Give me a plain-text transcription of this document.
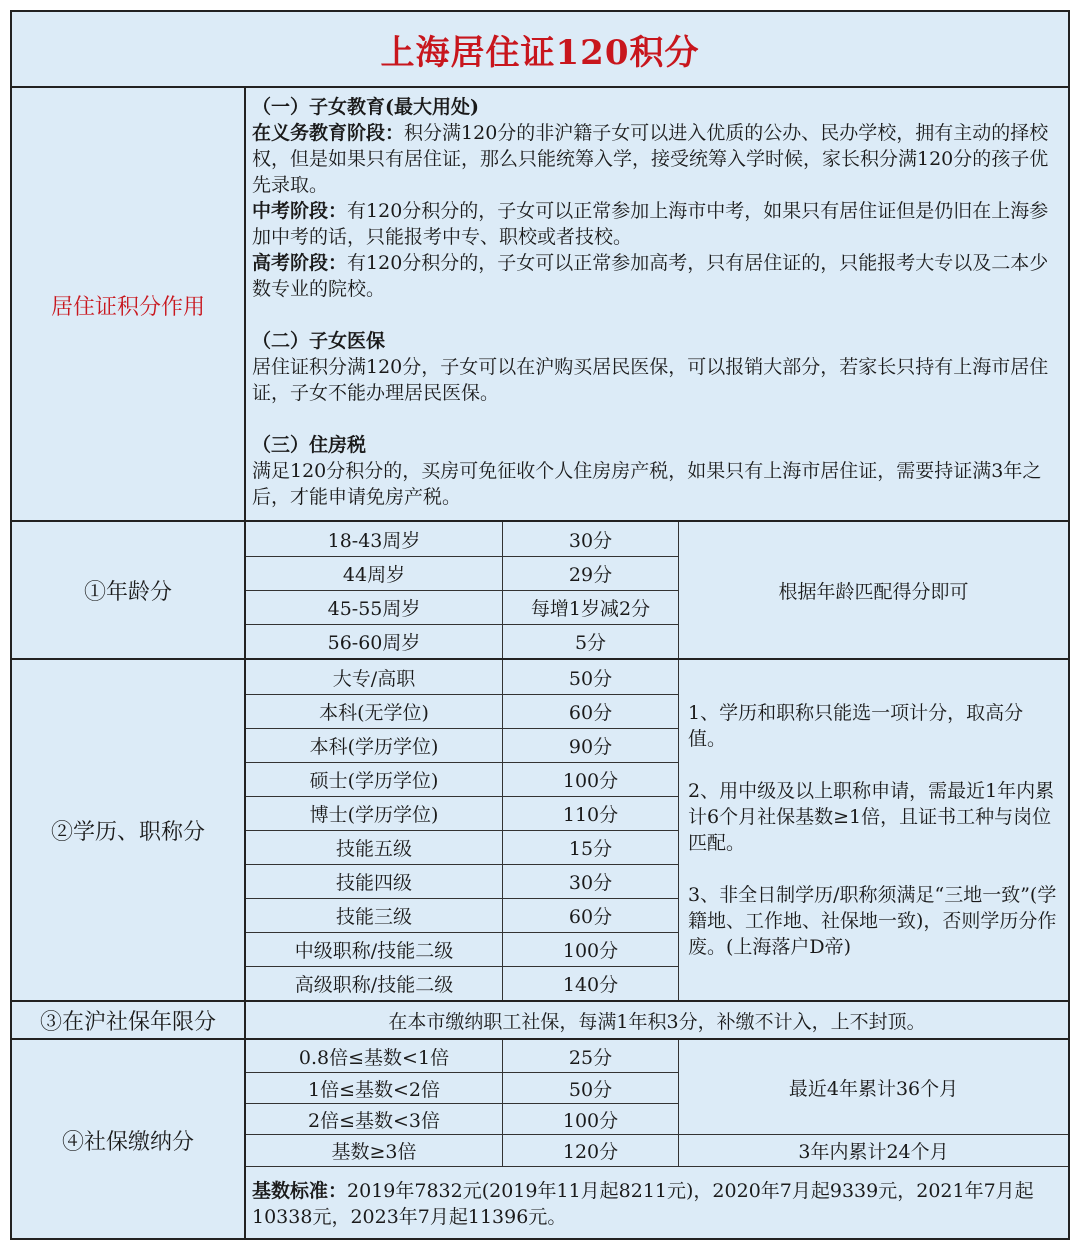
上海居住证120积分
居住证积分作用
（一）子女教育(最大用处)
在义务教育阶段：积分满120分的非沪籍子女可以进入优质的公办、民办学校，拥有主动的择校权，但是如果只有居住证，那么只能统筹入学，接受统筹入学时候，家长积分满120分的孩子优先录取。
中考阶段：有120分积分的，子女可以正常参加上海市中考，如果只有居住证但是仍旧在上海参加中考的话，只能报考中专、职校或者技校。
高考阶段：有120分积分的，子女可以正常参加高考，只有居住证的，只能报考大专以及二本少数专业的院校。
（二）子女医保
居住证积分满120分，子女可以在沪购买居民医保，可以报销大部分，若家长只持有上海市居住证，子女不能办理居民医保。
（三）住房税
满足120分积分的，买房可免征收个人住房房产税，如果只有上海市居住证，需要持证满3年之后，才能申请免房产税。
①年龄分
18-43周岁	30分
44周岁	29分
45-55周岁	每增1岁减2分
56-60周岁	5分
根据年龄匹配得分即可
②学历、职称分
大专/高职	50分
本科(无学位)	60分
本科(学历学位)	90分
硕士(学历学位)	100分
博士(学历学位)	110分
技能五级	15分
技能四级	30分
技能三级	60分
中级职称/技能二级	100分
高级职称/技能二级	140分
1、学历和职称只能选一项计分，取高分值。
2、用中级及以上职称申请，需最近1年内累计6个月社保基数≥1倍，且证书工种与岗位匹配。
3、非全日制学历/职称须满足“三地一致”(学籍地、工作地、社保地一致)，否则学历分作废。(上海落户D帝)
③在沪社保年限分	在本市缴纳职工社保，每满1年积3分，补缴不计入，上不封顶。
④社保缴纳分
0.8倍≤基数<1倍	25分
1倍≤基数<2倍	50分
2倍≤基数<3倍	100分
基数≥3倍	120分
最近4年累计36个月
3年内累计24个月
基数标准：2019年7832元(2019年11月起8211元)，2020年7月起9339元，2021年7月起10338元，2023年7月起11396元。
